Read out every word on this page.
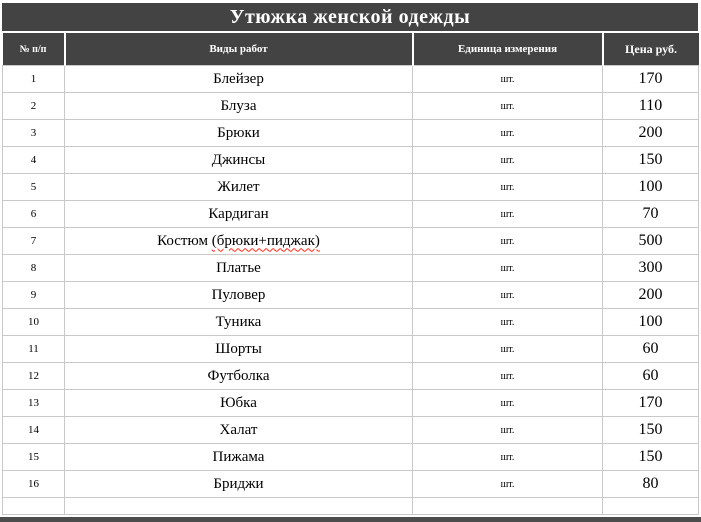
Утюжка женской одежды
№ п/п	Виды работ	Единица измерения	Цена руб.
1	Блейзер	шт.	170
2	Блуза	шт.	110
3	Брюки	шт.	200
4	Джинсы	шт.	150
5	Жилет	шт.	100
6	Кардиган	шт.	70
7	Костюм (брюки+пиджак)	шт.	500
8	Платье	шт.	300
9	Пуловер	шт.	200
10	Туника	шт.	100
11	Шорты	шт.	60
12	Футболка	шт.	60
13	Юбка	шт.	170
14	Халат	шт.	150
15	Пижама	шт.	150
16	Бриджи	шт.	80
